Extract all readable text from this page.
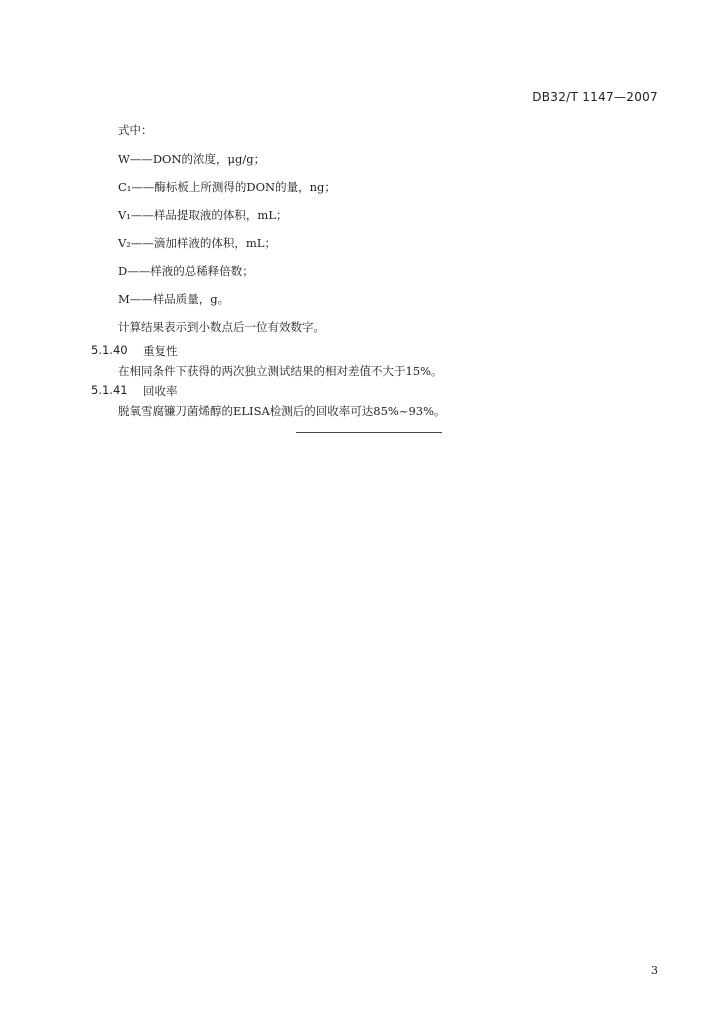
DB32/T 1147—2007
式中：
W——DON的浓度，μg/g；
C₁——酶标板上所测得的DON的量，ng；
V₁——样品提取液的体积，mL；
V₂——滴加样液的体积，mL；
D——样液的总稀释倍数；
M——样品质量，g。
计算结果表示到小数点后一位有效数字。
5.1.40 重复性
在相同条件下获得的两次独立测试结果的相对差值不大于15%。
5.1.41 回收率
脱氧雪腐镰刀菌烯醇的ELISA检测后的回收率可达85%~93%。
3
